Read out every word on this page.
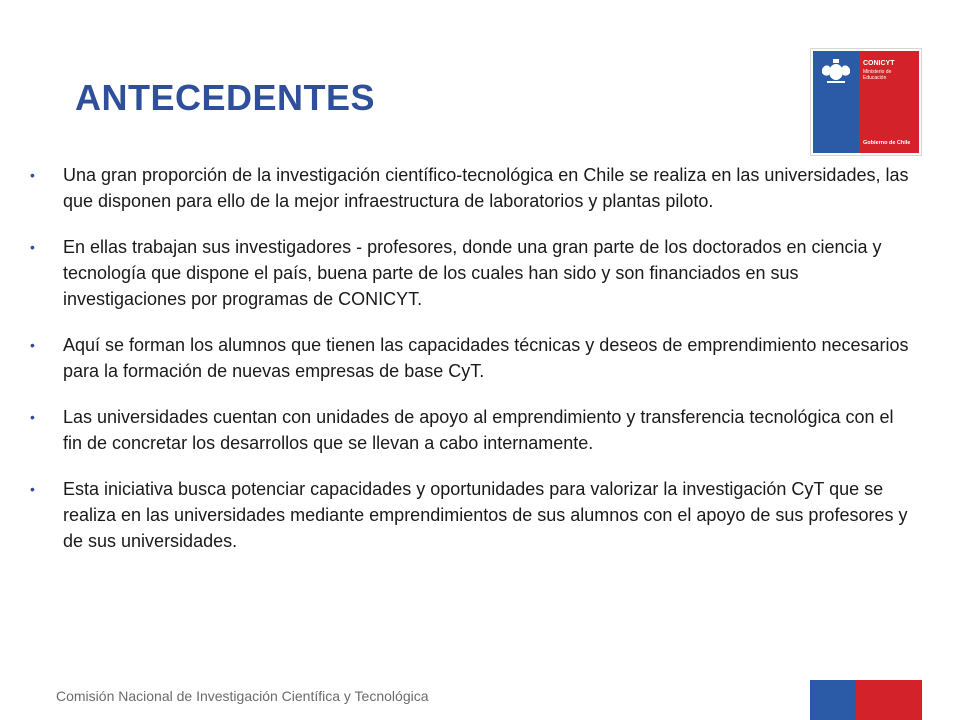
ANTECEDENTES
CONICYT
Ministerio de Educación
Gobierno de Chile
• Una gran proporción de la investigación científico-tecnológica en Chile se realiza en las universidades, las que disponen para ello de la mejor infraestructura de laboratorios y plantas piloto.
• En ellas trabajan sus investigadores - profesores, donde una gran parte de los doctorados en ciencia y tecnología que dispone el país, buena parte de los cuales han sido y son financiados en sus investigaciones por programas de CONICYT.
• Aquí se forman los alumnos que tienen las capacidades técnicas y deseos de emprendimiento necesarios para la formación de nuevas empresas de base CyT.
• Las universidades cuentan con unidades de apoyo al emprendimiento y transferencia tecnológica con el fin de concretar los desarrollos que se llevan a cabo internamente.
• Esta iniciativa busca potenciar capacidades y oportunidades para valorizar la investigación CyT que se realiza en las universidades mediante emprendimientos de sus alumnos con el apoyo de sus profesores y de sus universidades.

Comisión Nacional de Investigación Científica y Tecnológica
